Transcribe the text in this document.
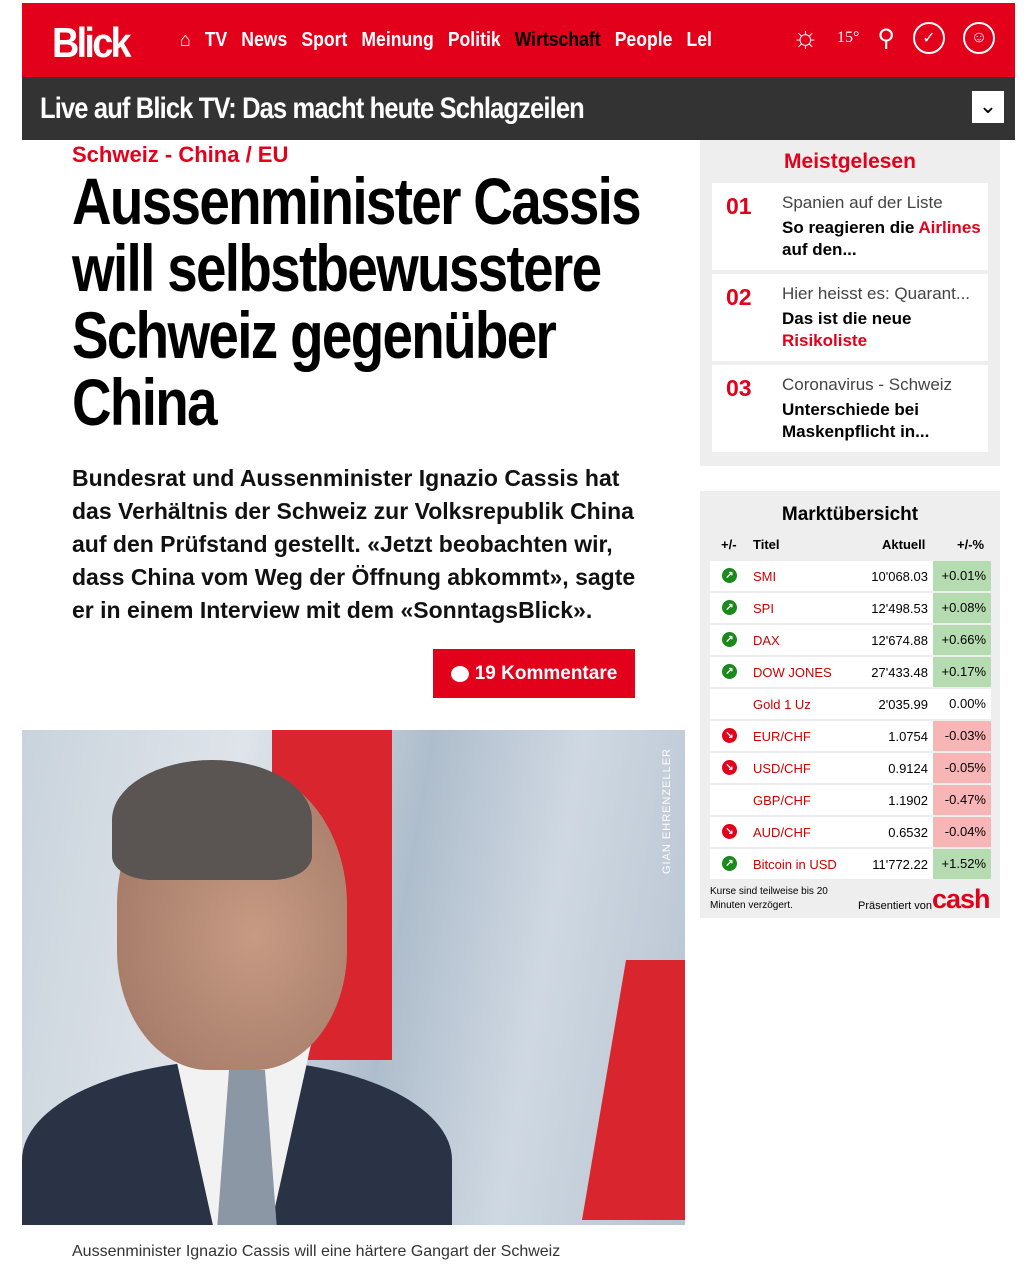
Blick	⌂ TV News Sport Meinung Politik Wirtschaft People Lel	☼ 15° ⚲	✓	☺
Live auf Blick TV: Das macht heute Schlagzeilen	⌄
Schweiz - China / EU
Aussenminister Cassis will selbstbewusstere Schweiz gegenüber China

Bundesrat und Aussenminister Ignazio Cassis hat das Verhältnis der Schweiz zur Volksrepublik China auf den Prüfstand gestellt. «Jetzt beobachten wir, dass China vom Weg der Öffnung abkommt», sagte er in einem Interview mit dem «SonntagsBlick».

19 Kommentare
GIAN EHRENZELLER
Aussenminister Ignazio Cassis will eine härtere Gangart der Schweiz
Meistgelesen
01 Spanien auf der Liste
So reagieren die Airlines auf den...
02 Hier heisst es: Quarant...
Das ist die neue Risikoliste
03 Coronavirus - Schweiz
Unterschiede bei Maskenpflicht in...
Marktübersicht
+/- Titel	Aktuell +/-%
↗ SMI	10'068.03	+0.01%
↗ SPI	12'498.53	+0.08%
↗ DAX	12'674.88	+0.66%
↗ DOW JONES	27'433.48	+0.17%
Gold 1 Uz	2'035.99	0.00%
↘ EUR/CHF	1.0754	-0.03%
↘ USD/CHF	0.9124	-0.05%
GBP/CHF	1.1902	-0.47%
↘ AUD/CHF	0.6532	-0.04%
↗ Bitcoin in USD	11'772.22	+1.52%
Kurse sind teilweise bis 20 Minuten verzögert.	Präsentiert von cash
